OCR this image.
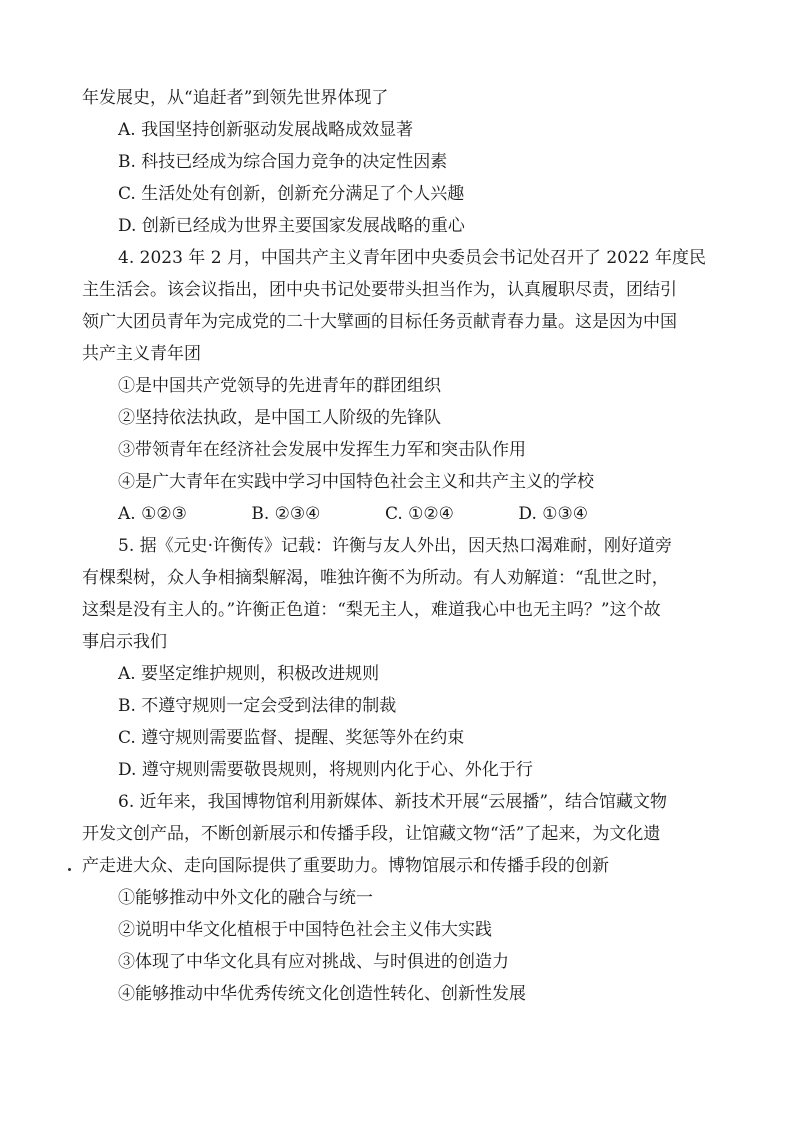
年发展史，从“追赶者”到领先世界体现了
A. 我国坚持创新驱动发展战略成效显著
B. 科技已经成为综合国力竞争的决定性因素
C. 生活处处有创新，创新充分满足了个人兴趣
D. 创新已经成为世界主要国家发展战略的重心
4. 2023 年 2 月，中国共产主义青年团中央委员会书记处召开了 2022 年度民
主生活会。该会议指出，团中央书记处要带头担当作为，认真履职尽责，团结引
领广大团员青年为完成党的二十大擘画的目标任务贡献青春力量。这是因为中国
共产主义青年团
①是中国共产党领导的先进青年的群团组织
②坚持依法执政，是中国工人阶级的先锋队
③带领青年在经济社会发展中发挥生力军和突击队作用
④是广大青年在实践中学习中国特色社会主义和共产主义的学校
A. ①②③	B. ②③④	C. ①②④	D. ①③④
5. 据《元史·许衡传》记载：许衡与友人外出，因天热口渴难耐，刚好道旁
有棵梨树，众人争相摘梨解渴，唯独许衡不为所动。有人劝解道：“乱世之时，
这梨是没有主人的。”许衡正色道：“梨无主人，难道我心中也无主吗？”这个故
事启示我们
A. 要坚定维护规则，积极改进规则
B. 不遵守规则一定会受到法律的制裁
C. 遵守规则需要监督、提醒、奖惩等外在约束
D. 遵守规则需要敬畏规则，将规则内化于心、外化于行
6. 近年来，我国博物馆利用新媒体、新技术开展“云展播”，结合馆藏文物
开发文创产品，不断创新展示和传播手段，让馆藏文物“活”了起来，为文化遗
产走进大众、走向国际提供了重要助力。博物馆展示和传播手段的创新
①能够推动中外文化的融合与统一
②说明中华文化植根于中国特色社会主义伟大实践
③体现了中华文化具有应对挑战、与时俱进的创造力
④能够推动中华优秀传统文化创造性转化、创新性发展
